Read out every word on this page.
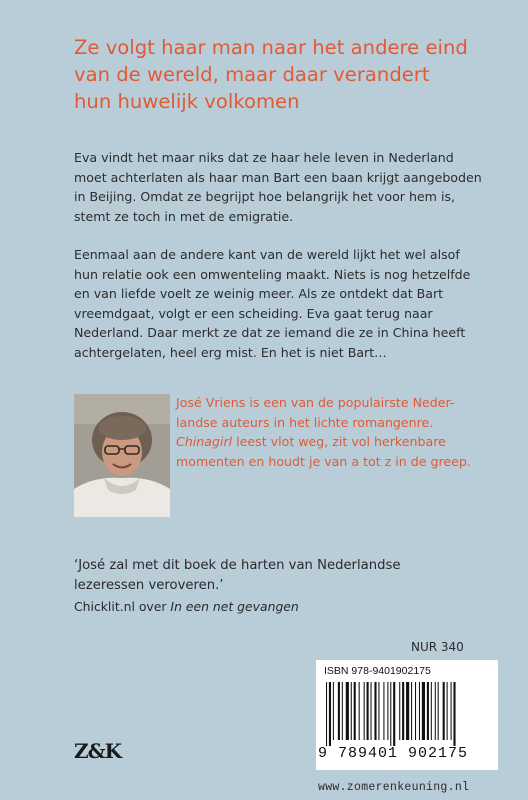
Ze volgt haar man naar het andere eind
van de wereld, maar daar verandert
hun huwelijk volkomen

Eva vindt het maar niks dat ze haar hele leven in Nederland
moet achterlaten als haar man Bart een baan krijgt aangeboden
in Beijing. Omdat ze begrijpt hoe belangrijk het voor hem is,
stemt ze toch in met de emigratie.

Eenmaal aan de andere kant van de wereld lijkt het wel alsof
hun relatie ook een omwenteling maakt. Niets is nog hetzelfde
en van liefde voelt ze weinig meer. Als ze ontdekt dat Bart
vreemdgaat, volgt er een scheiding. Eva gaat terug naar
Nederland. Daar merkt ze dat ze iemand die ze in China heeft
achtergelaten, heel erg mist. En het is niet Bart…

José Vriens is een van de populairste Neder-
landse auteurs in het lichte romangenre.
Chinagirl leest vlot weg, zit vol herkenbare
momenten en houdt je van a tot z in de greep.

‘José zal met dit boek de harten van Nederlandse
lezeressen veroveren.’

Chicklit.nl over In een net gevangen

NUR 340

ISBN 978-9401902175
9 789401 902175

Z&K

www.zomerenkeuning.nl
